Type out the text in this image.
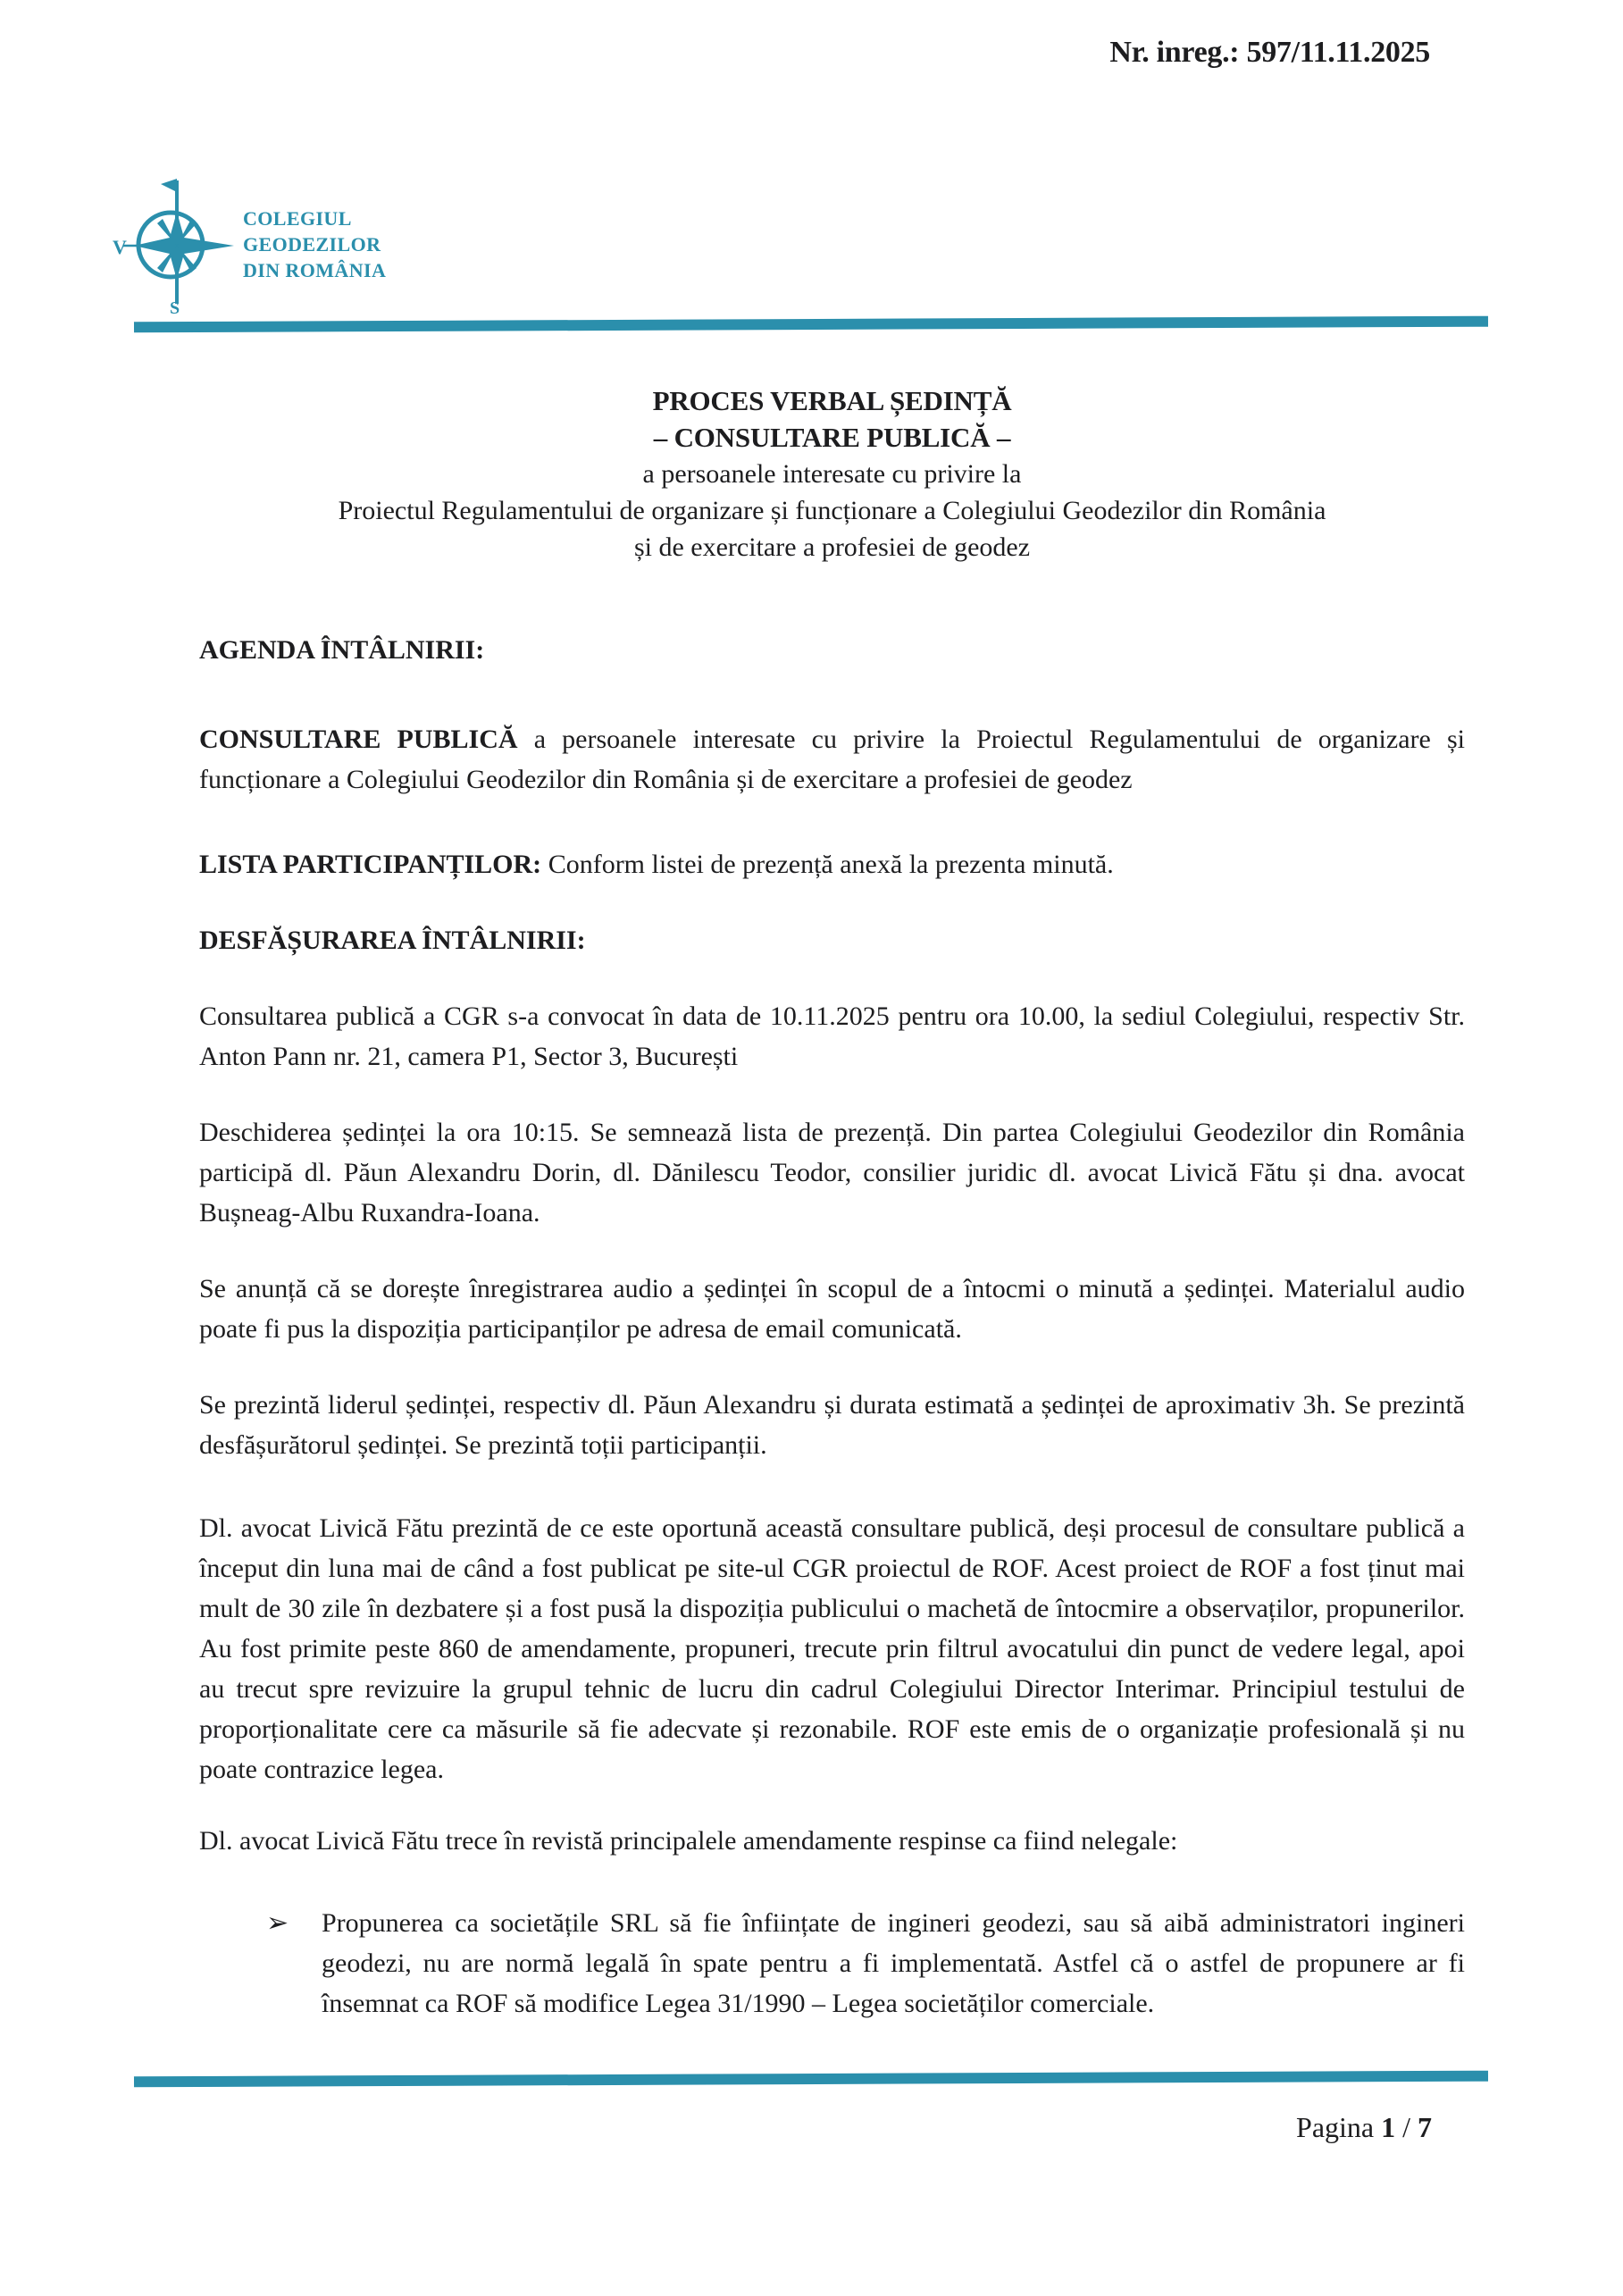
Nr. inreg.: 597/11.11.2025
V
S
COLEGIUL
GEODEZILOR
DIN ROMÂNIA
PROCES VERBAL ȘEDINȚĂ
– CONSULTARE PUBLICĂ –
a persoanele interesate cu privire la
Proiectul Regulamentului de organizare și funcționare a Colegiului Geodezilor din România
și de exercitare a profesiei de geodez

AGENDA ÎNTÂLNIRII:

CONSULTARE PUBLICĂ a persoanele interesate cu privire la Proiectul Regulamentului de organizare și funcționare a Colegiului Geodezilor din România și de exercitare a profesiei de geodez

LISTA PARTICIPANȚILOR: Conform listei de prezență anexă la prezenta minută.

DESFĂȘURAREA ÎNTÂLNIRII:

Consultarea publică a CGR s-a convocat în data de 10.11.2025 pentru ora 10.00, la sediul Colegiului, respectiv Str. Anton Pann nr. 21, camera P1, Sector 3, București

Deschiderea ședinței la ora 10:15. Se semnează lista de prezență. Din partea Colegiului Geodezilor din România participă dl. Păun Alexandru Dorin, dl. Dănilescu Teodor, consilier juridic dl. avocat Livică Fătu și dna. avocat Bușneag-Albu Ruxandra-Ioana.

Se anunță că se dorește înregistrarea audio a ședinței în scopul de a întocmi o minută a ședinței. Materialul audio poate fi pus la dispoziția participanților pe adresa de email comunicată.

Se prezintă liderul ședinței, respectiv dl. Păun Alexandru și durata estimată a ședinței de aproximativ 3h. Se prezintă desfășurătorul ședinței. Se prezintă toții participanții.

Dl. avocat Livică Fătu prezintă de ce este oportună această consultare publică, deși procesul de consultare publică a început din luna mai de când a fost publicat pe site-ul CGR proiectul de ROF. Acest proiect de ROF a fost ținut mai mult de 30 zile în dezbatere și a fost pusă la dispoziția publicului o machetă de întocmire a observaților, propunerilor. Au fost primite peste 860 de amendamente, propuneri, trecute prin filtrul avocatului din punct de vedere legal, apoi au trecut spre revizuire la grupul tehnic de lucru din cadrul Colegiului Director Interimar. Principiul testului de proporționalitate cere ca măsurile să fie adecvate și rezonabile. ROF este emis de o organizație profesională și nu poate contrazice legea.

Dl. avocat Livică Fătu trece în revistă principalele amendamente respinse ca fiind nelegale:

➢	Propunerea ca societățile SRL să fie înființate de ingineri geodezi, sau să aibă administratori ingineri geodezi, nu are normă legală în spate pentru a fi implementată. Astfel că o astfel de propunere ar fi însemnat ca ROF să modifice Legea 31/1990 – Legea societăților comerciale.

Pagina 1 / 7
